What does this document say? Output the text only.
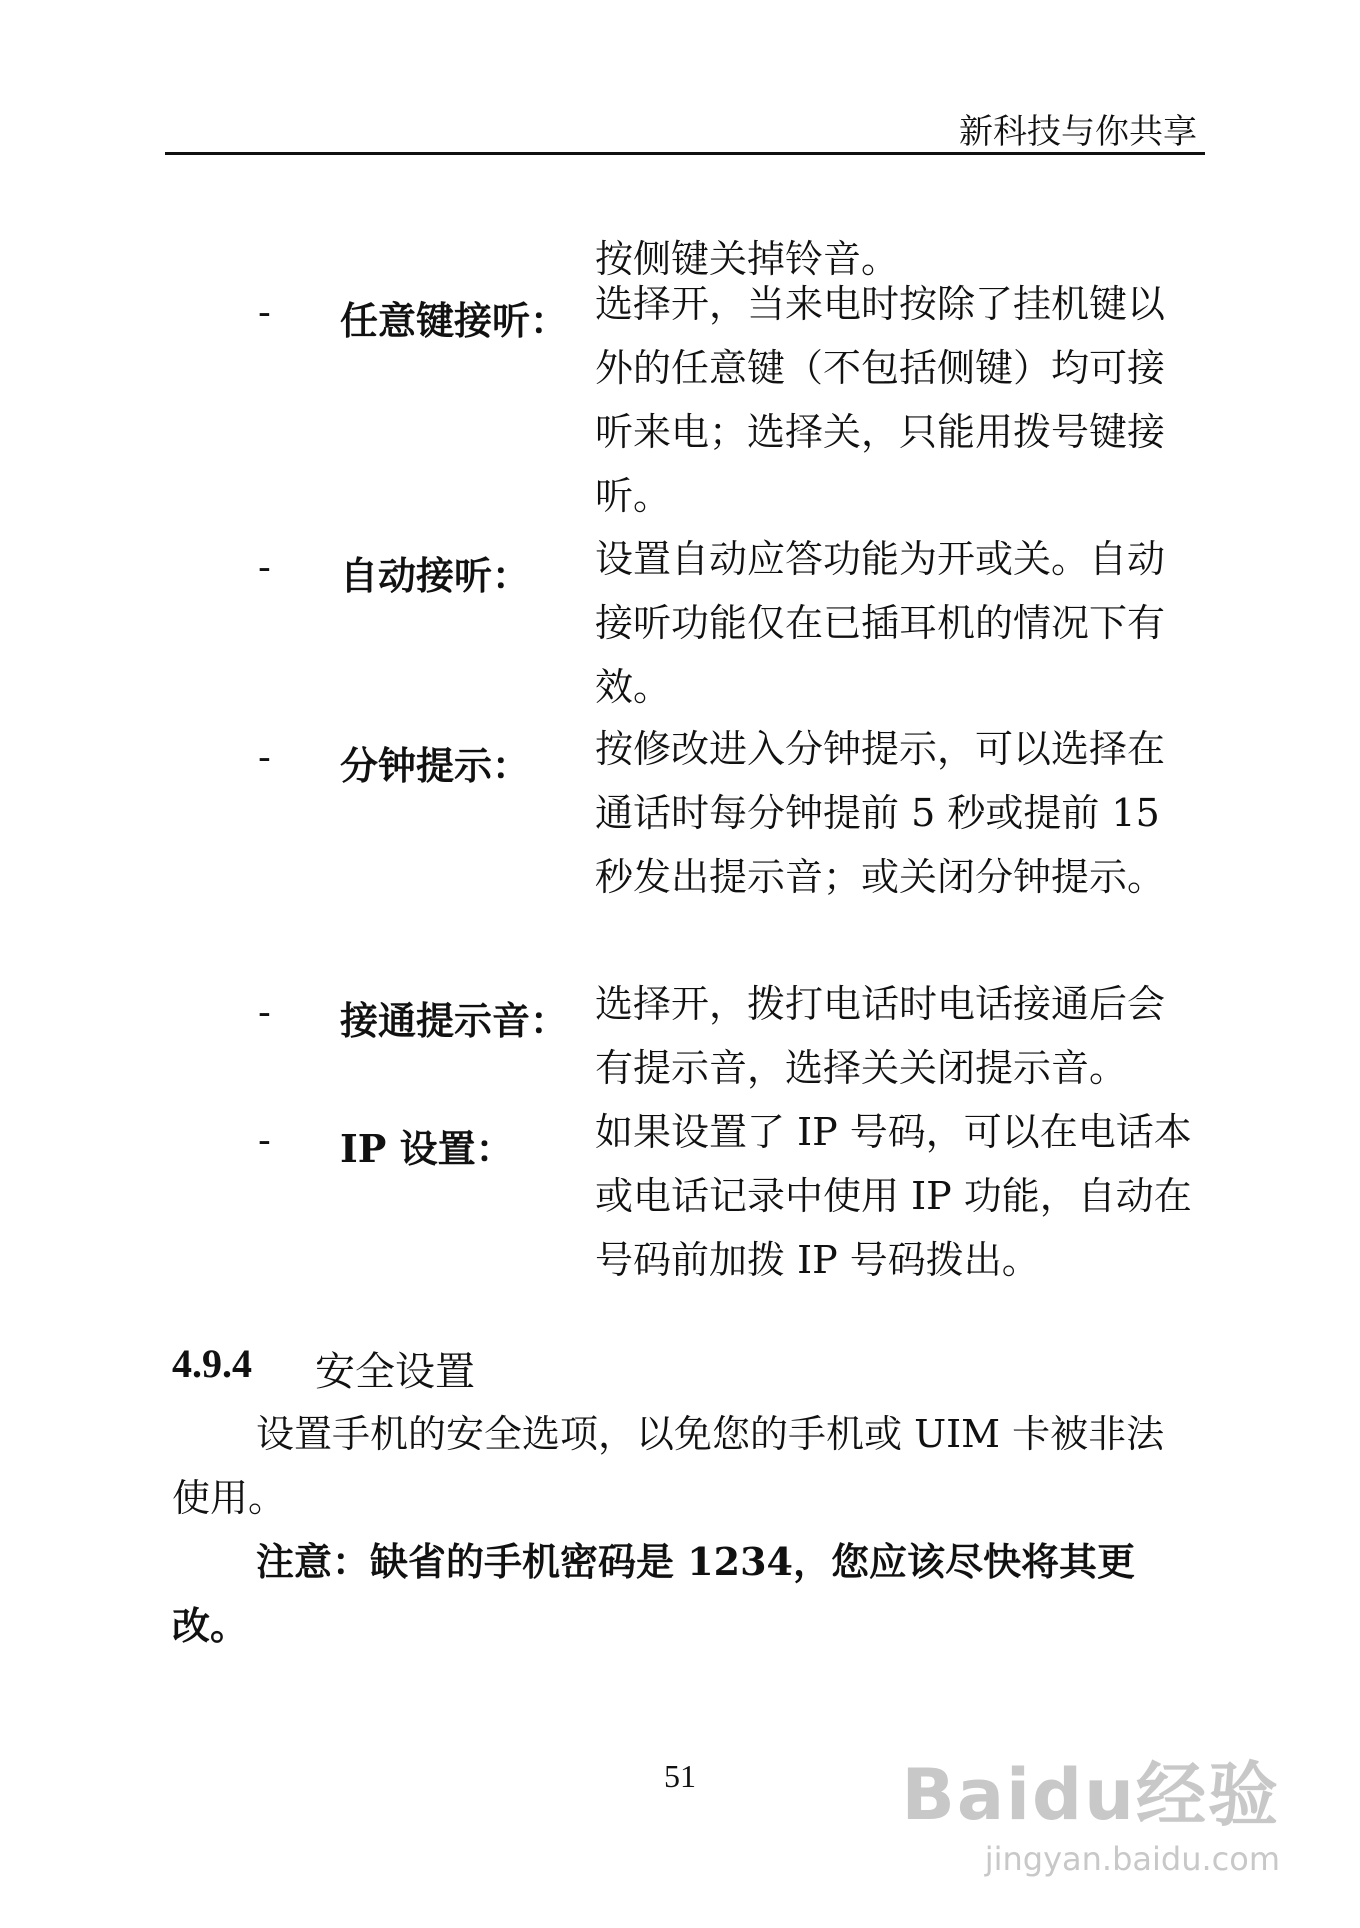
新科技与你共享
按侧键关掉铃音。
- 任意键接听： 选择开，当来电时按除了挂机键以外的任意键（不包括侧键）均可接听来电；选择关，只能用拨号键接听。
- 自动接听： 设置自动应答功能为开或关。自动接听功能仅在已插耳机的情况下有效。
- 分钟提示： 按修改进入分钟提示，可以选择在通话时每分钟提前 5 秒或提前 15 秒发出提示音；或关闭分钟提示。
- 接通提示音： 选择开，拨打电话时电话接通后会有提示音，选择关关闭提示音。
- IP 设置： 如果设置了 IP 号码，可以在电话本或电话记录中使用 IP 功能，自动在号码前加拨 IP 号码拨出。
4.9.4 安全设置
设置手机的安全选项，以免您的手机或 UIM 卡被非法使用。
注意：缺省的手机密码是 1234，您应该尽快将其更改。
51	Baidu经验
jingyan.baidu.com
